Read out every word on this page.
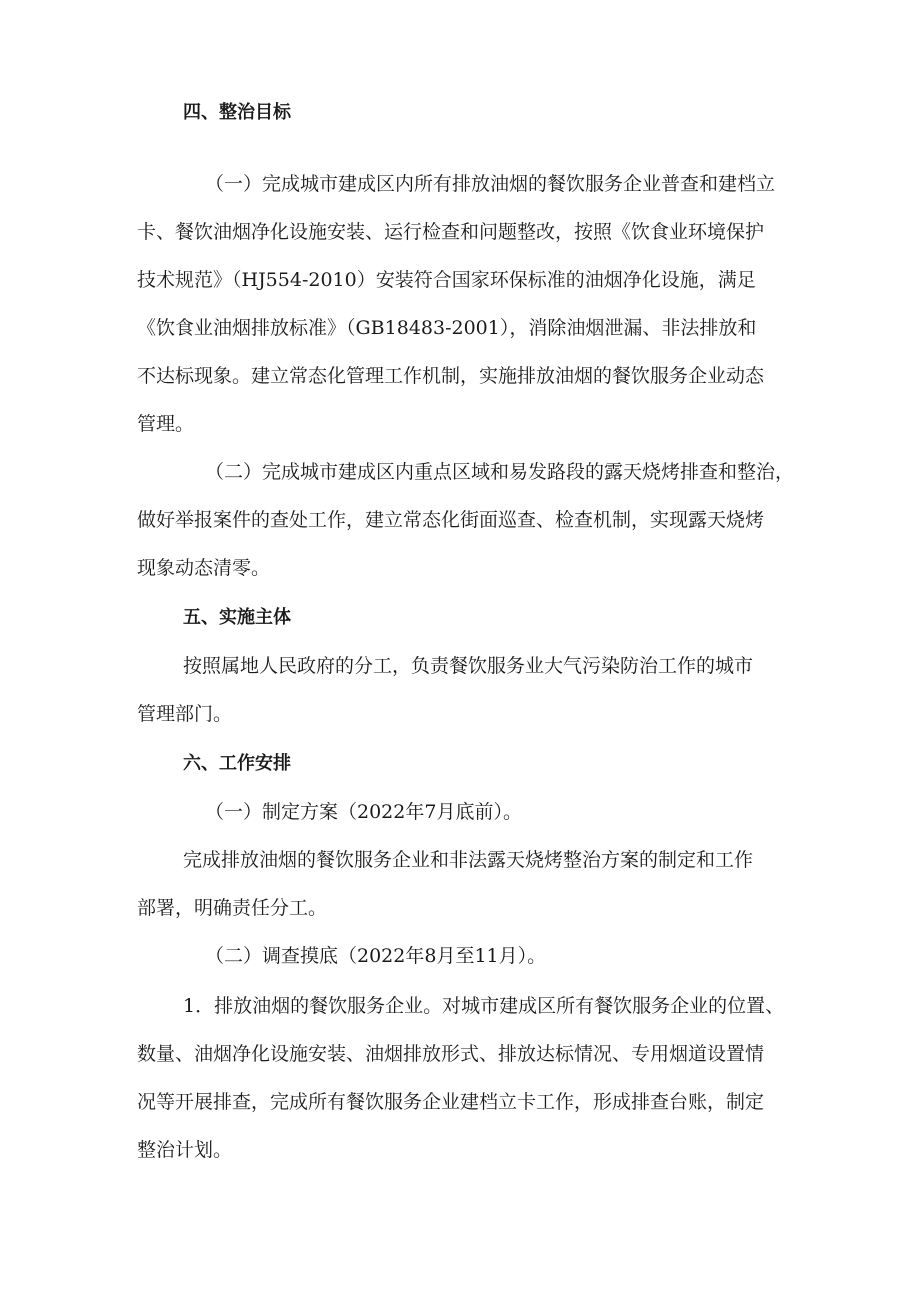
四、整治目标
（一）完成城市建成区内所有排放油烟的餐饮服务企业普查和建档立
卡、餐饮油烟净化设施安装、运行检查和问题整改，按照《饮食业环境保护
技术规范》（HJ554-2010）安装符合国家环保标准的油烟净化设施，满足
《饮食业油烟排放标准》（GB18483-2001），消除油烟泄漏、非法排放和
不达标现象。建立常态化管理工作机制，实施排放油烟的餐饮服务企业动态
管理。
（二）完成城市建成区内重点区域和易发路段的露天烧烤排查和整治，
做好举报案件的查处工作，建立常态化街面巡查、检查机制，实现露天烧烤
现象动态清零。
五、实施主体
按照属地人民政府的分工，负责餐饮服务业大气污染防治工作的城市
管理部门。
六、工作安排
（一）制定方案（2022年7月底前）。
完成排放油烟的餐饮服务企业和非法露天烧烤整治方案的制定和工作
部署，明确责任分工。
（二）调查摸底（2022年8月至11月）。
1．排放油烟的餐饮服务企业。对城市建成区所有餐饮服务企业的位置、
数量、油烟净化设施安装、油烟排放形式、排放达标情况、专用烟道设置情
况等开展排查，完成所有餐饮服务企业建档立卡工作，形成排查台账，制定
整治计划。
